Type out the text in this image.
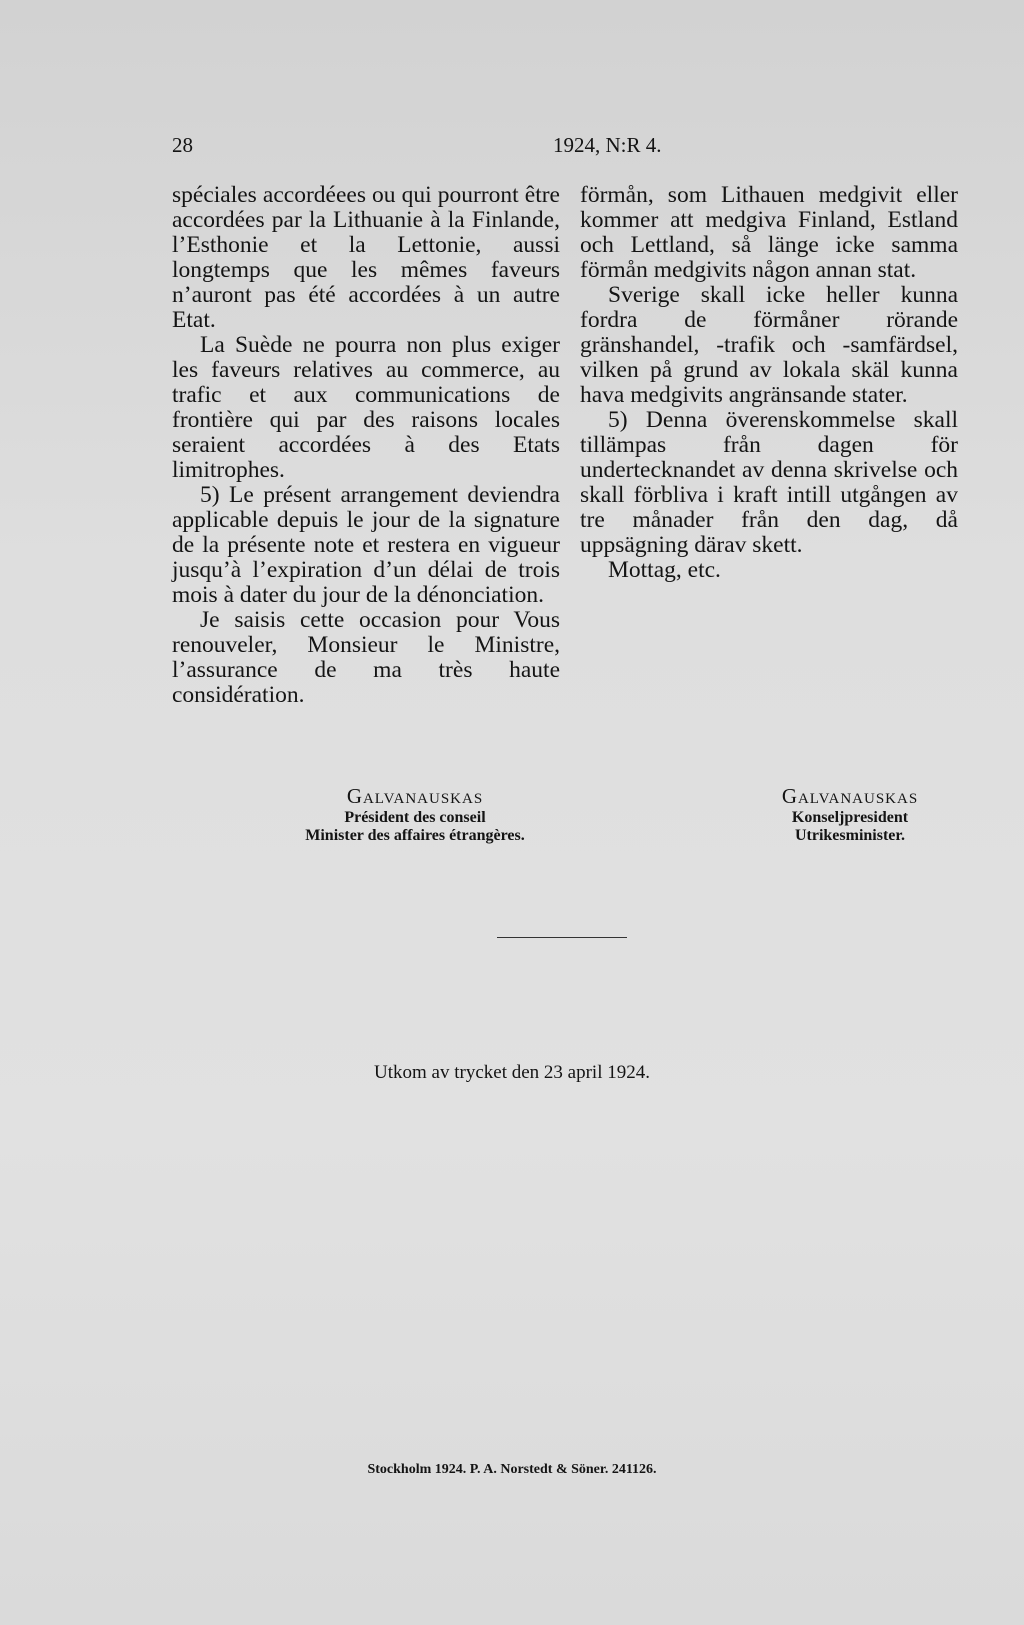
28	1924, N:R 4.

spéciales accordéees ou qui pourront être accordées par la Lithuanie à la Finlande, l’Esthonie et la Lettonie, aussi longtemps que les mêmes faveurs n’auront pas été accordées à un autre Etat.

La Suède ne pourra non plus exiger les faveurs relatives au commerce, au trafic et aux communications de frontière qui par des raisons locales seraient accordées à des Etats limitrophes.

5) Le présent arrangement deviendra applicable depuis le jour de la signature de la présente note et restera en vigueur jusqu’à l’expiration d’un délai de trois mois à dater du jour de la dénonciation.

Je saisis cette occasion pour Vous renouveler, Monsieur le Ministre, l’assurance de ma très haute considération.

förmån, som Lithauen medgivit eller kommer att medgiva Finland, Estland och Lettland, så länge icke samma förmån medgivits någon annan stat.

Sverige skall icke heller kunna fordra de förmåner rörande gränshandel, -trafik och -samfärdsel, vilken på grund av lokala skäl kunna hava medgivits angränsande stater.

5) Denna överenskommelse skall tillämpas från dagen för undertecknandet av denna skrivelse och skall förbliva i kraft intill utgången av tre månader från den dag, då uppsägning därav skett.

Mottag, etc.

Galvanauskas
Président des conseil
Minister des affaires étrangères.
Galvanauskas
Konseljpresident
Utrikesminister.
Utkom av trycket den 23 april 1924.
Stockholm 1924. P. A. Norstedt & Söner. 241126.
